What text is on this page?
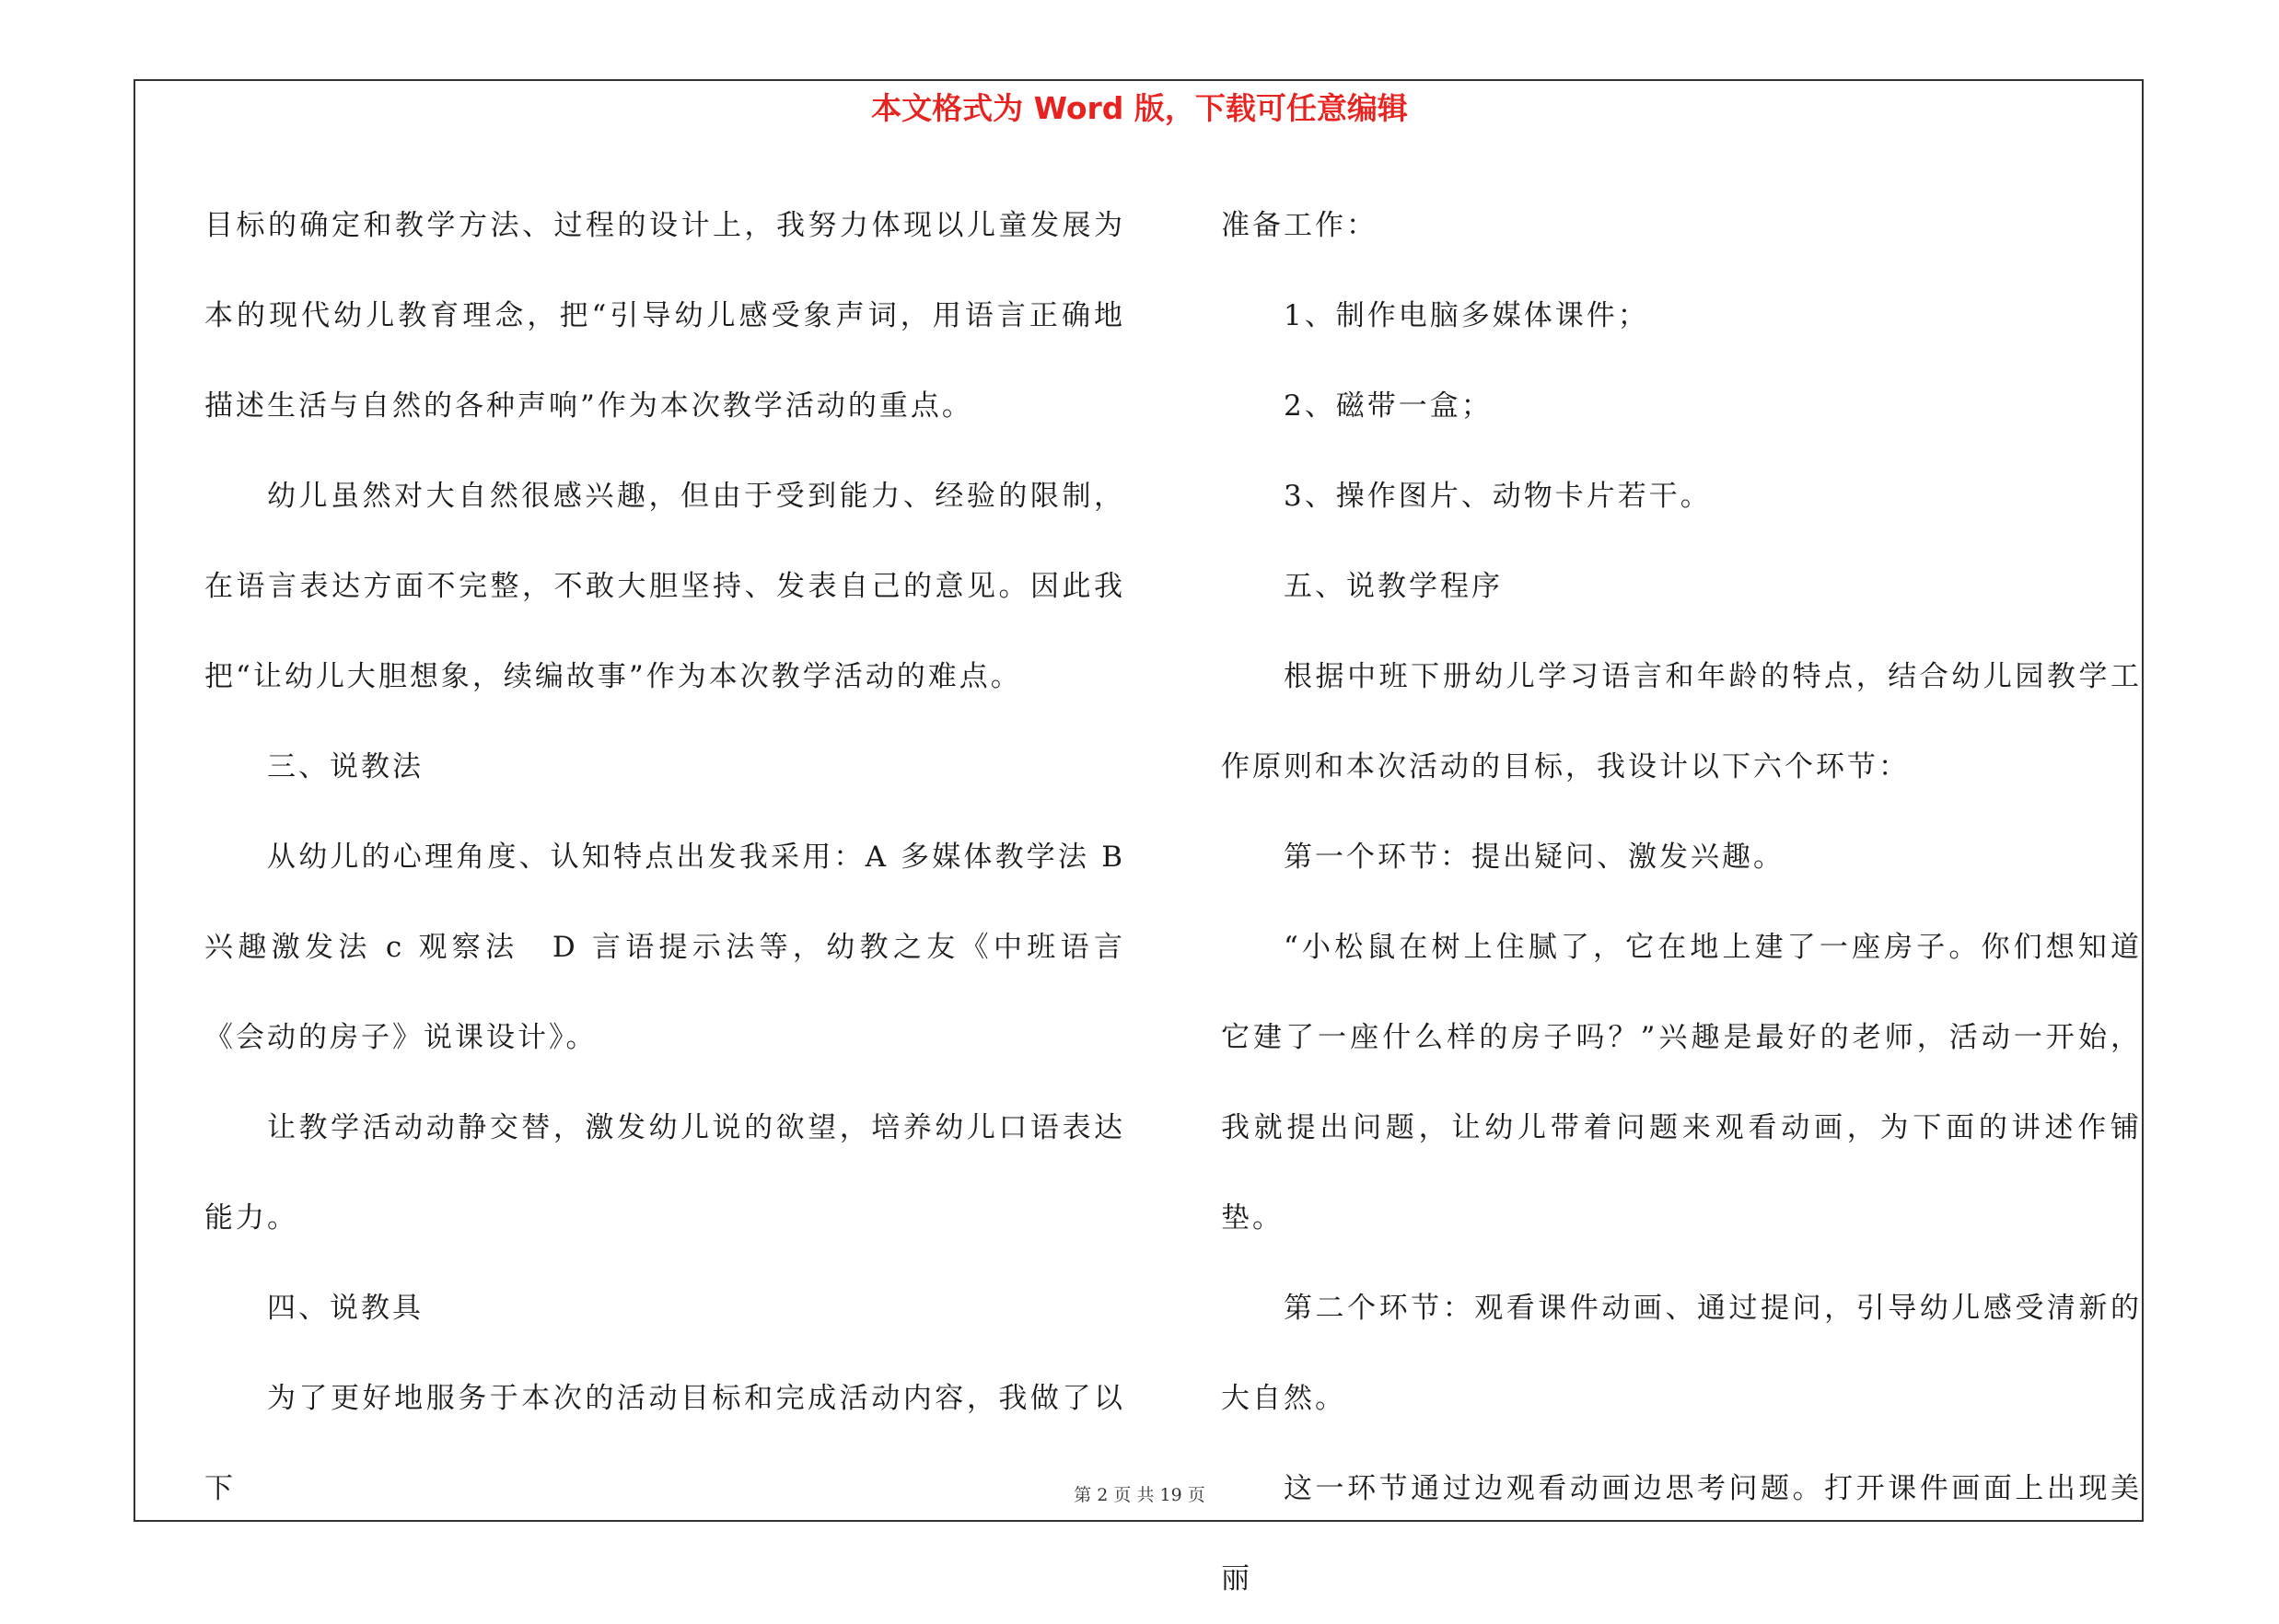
本文格式为 Word 版，下载可任意编辑

目标的确定和教学方法、过程的设计上，我努力体现以儿童发展为本的现代幼儿教育理念，把“引导幼儿感受象声词，用语言正确地描述生活与自然的各种声响”作为本次教学活动的重点。

幼儿虽然对大自然很感兴趣，但由于受到能力、经验的限制，在语言表达方面不完整，不敢大胆坚持、发表自己的意见。因此我把“让幼儿大胆想象，续编故事”作为本次教学活动的难点。

三、说教法

从幼儿的心理角度、认知特点出发我采用：A 多媒体教学法 B 兴趣激发法 c 观察法　D 言语提示法等，幼教之友《中班语言《会动的房子》说课设计》。

让教学活动动静交替，激发幼儿说的欲望，培养幼儿口语表达能力。

四、说教具

为了更好地服务于本次的活动目标和完成活动内容，我做了以下

准备工作：

1、制作电脑多媒体课件；

2、磁带一盒；

3、操作图片、动物卡片若干。

五、说教学程序

根据中班下册幼儿学习语言和年龄的特点，结合幼儿园教学工作原则和本次活动的目标，我设计以下六个环节：

第一个环节：提出疑问、激发兴趣。

“小松鼠在树上住腻了，它在地上建了一座房子。你们想知道它建了一座什么样的房子吗？”兴趣是最好的老师，活动一开始，我就提出问题，让幼儿带着问题来观看动画，为下面的讲述作铺垫。

第二个环节：观看课件动画、通过提问，引导幼儿感受清新的大自然。

这一环节通过边观看动画边思考问题。打开课件画面上出现美丽

第 2 页 共 19 页
